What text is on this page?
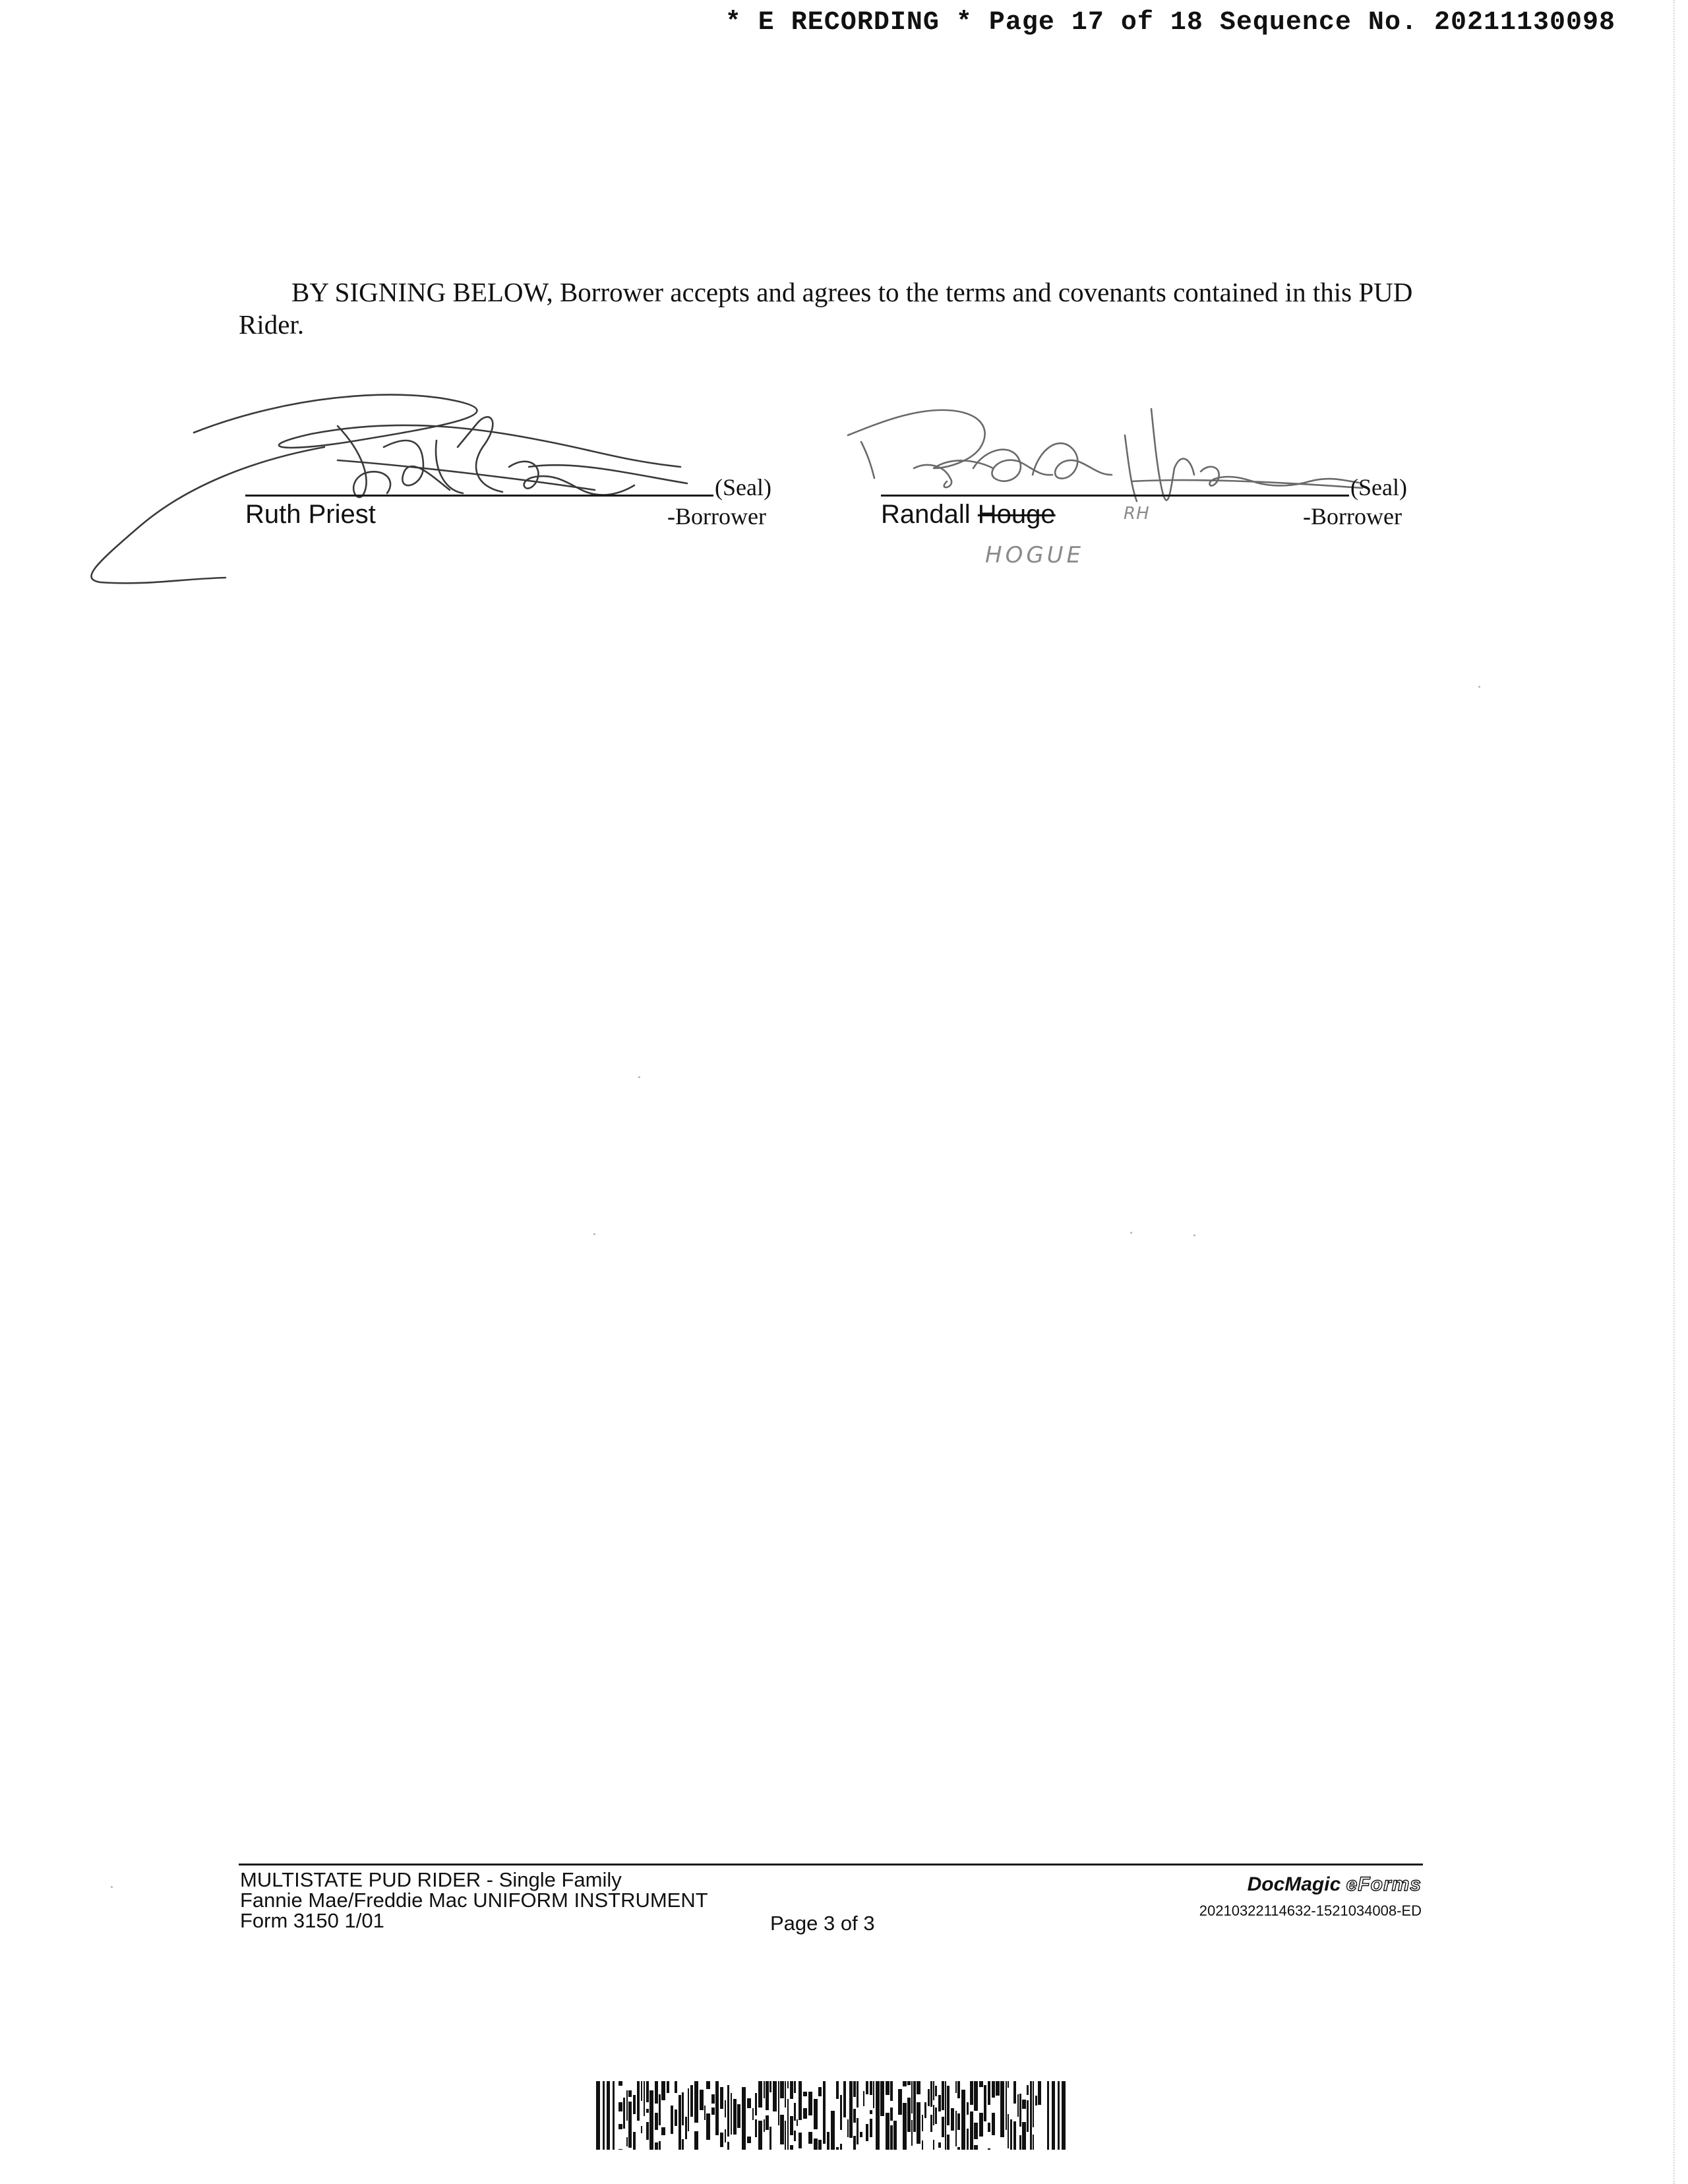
* E RECORDING * Page 17 of 18 Sequence No. 20211130098

BY SIGNING BELOW, Borrower accepts and agrees to the terms and covenants contained in this PUD Rider.

(Seal)
Ruth Priest	-Borrower
(Seal)
Randall Houge	RH
HOGUE
-Borrower
MULTISTATE PUD RIDER - Single Family
Fannie Mae/Freddie Mac UNIFORM INSTRUMENT
Form 3150 1/01	Page 3 of 3
DocMagic eForms
20210322114632-1521034008-ED
